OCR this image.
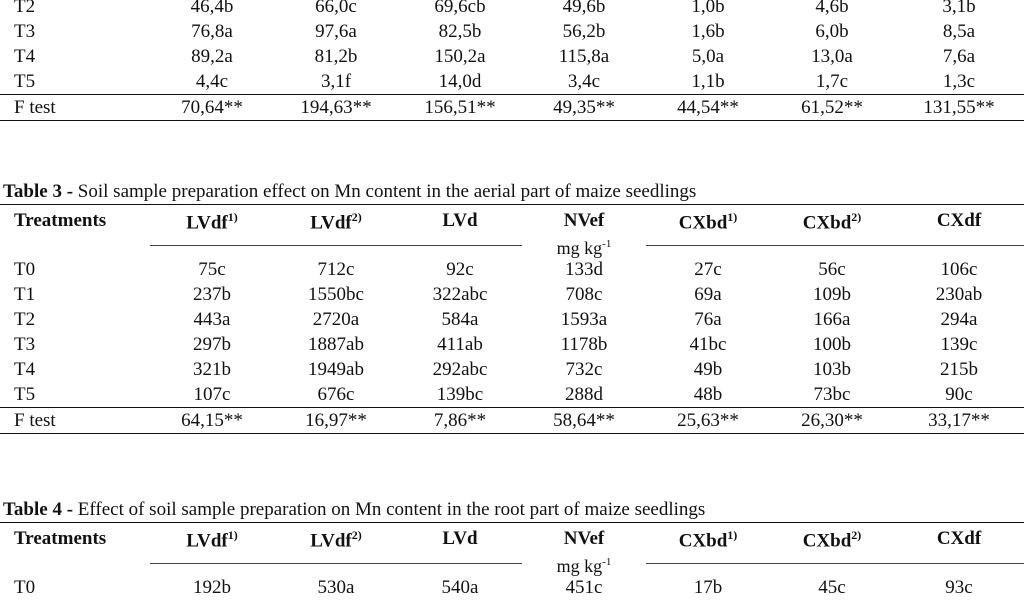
T2	46,4b	66,0c	69,6cb	49,6b	1,0b	4,6b	3,1b
T3	76,8a	97,6a	82,5b	56,2b	1,6b	6,0b	8,5a
T4	89,2a	81,2b	150,2a	115,8a	5,0a	13,0a	7,6a
T5	4,4c	3,1f	14,0d	3,4c	1,1b	1,7c	1,3c
F test	70,64**	194,63**	156,51**	49,35**	44,54**	61,52**	131,55**
Table 3 - Soil sample preparation effect on Mn content in the aerial part of maize seedlings
Treatments	LVdf$^{1)}$	LVdf$^{2)}$	LVd	NVef	CXbd$^{1)}$	CXbd$^{2)}$	CXdf
				mg $kg^{-1}$	
T0	75c	712c	92c	133d	27c	56c	106c
T1	237b	1550bc	322abc	708c	69a	109b	230ab
T2	443a	2720a	584a	1593a	76a	166a	294a
T3	297b	1887ab	411ab	1178b	41bc	100b	139c
T4	321b	1949ab	292abc	732c	49b	103b	215b
T5	107c	676c	139bc	288d	48b	73bc	90c
F test	64,15**	16,97**	7,86**	58,64**	25,63**	26,30**	33,17**
Table 4 - Effect of soil sample preparation on Mn content in the root part of maize seedlings
Treatments	LVdf$^{1)}$	LVdf$^{2)}$	LVd	NVef	CXbd$^{1)}$	CXbd$^{2)}$	CXdf
				mg $kg^{-1}$	
T0	192b	530a	540a	451c	17b	45c	93c
